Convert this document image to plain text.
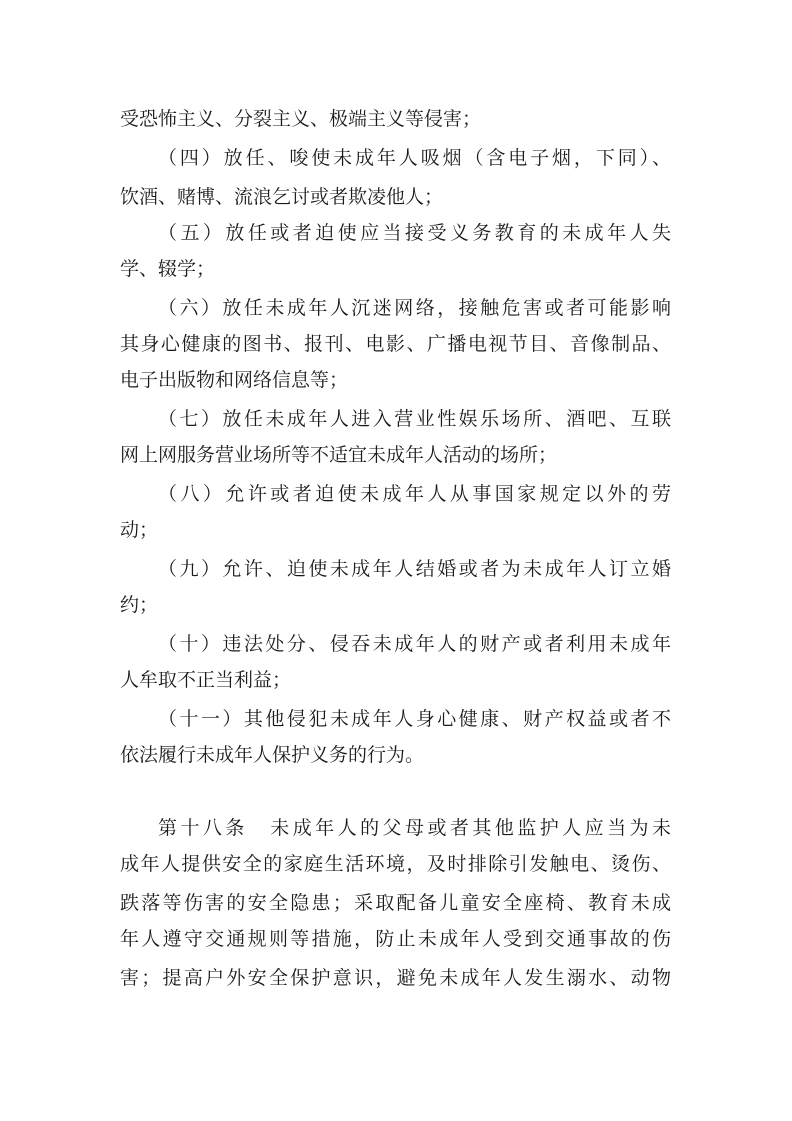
受恐怖主义、分裂主义、极端主义等侵害；
（四）放任、唆使未成年人吸烟（含电子烟，下同）、
饮酒、赌博、流浪乞讨或者欺凌他人；
（五）放任或者迫使应当接受义务教育的未成年人失
学、辍学；
（六）放任未成年人沉迷网络，接触危害或者可能影响
其身心健康的图书、报刊、电影、广播电视节目、音像制品、
电子出版物和网络信息等；
（七）放任未成年人进入营业性娱乐场所、酒吧、互联
网上网服务营业场所等不适宜未成年人活动的场所；
（八）允许或者迫使未成年人从事国家规定以外的劳
动；
（九）允许、迫使未成年人结婚或者为未成年人订立婚
约；
（十）违法处分、侵吞未成年人的财产或者利用未成年
人牟取不正当利益；
（十一）其他侵犯未成年人身心健康、财产权益或者不
依法履行未成年人保护义务的行为。
第十八条　未成年人的父母或者其他监护人应当为未
成年人提供安全的家庭生活环境，及时排除引发触电、烫伤、
跌落等伤害的安全隐患；采取配备儿童安全座椅、教育未成
年人遵守交通规则等措施，防止未成年人受到交通事故的伤
害；提高户外安全保护意识，避免未成年人发生溺水、动物
